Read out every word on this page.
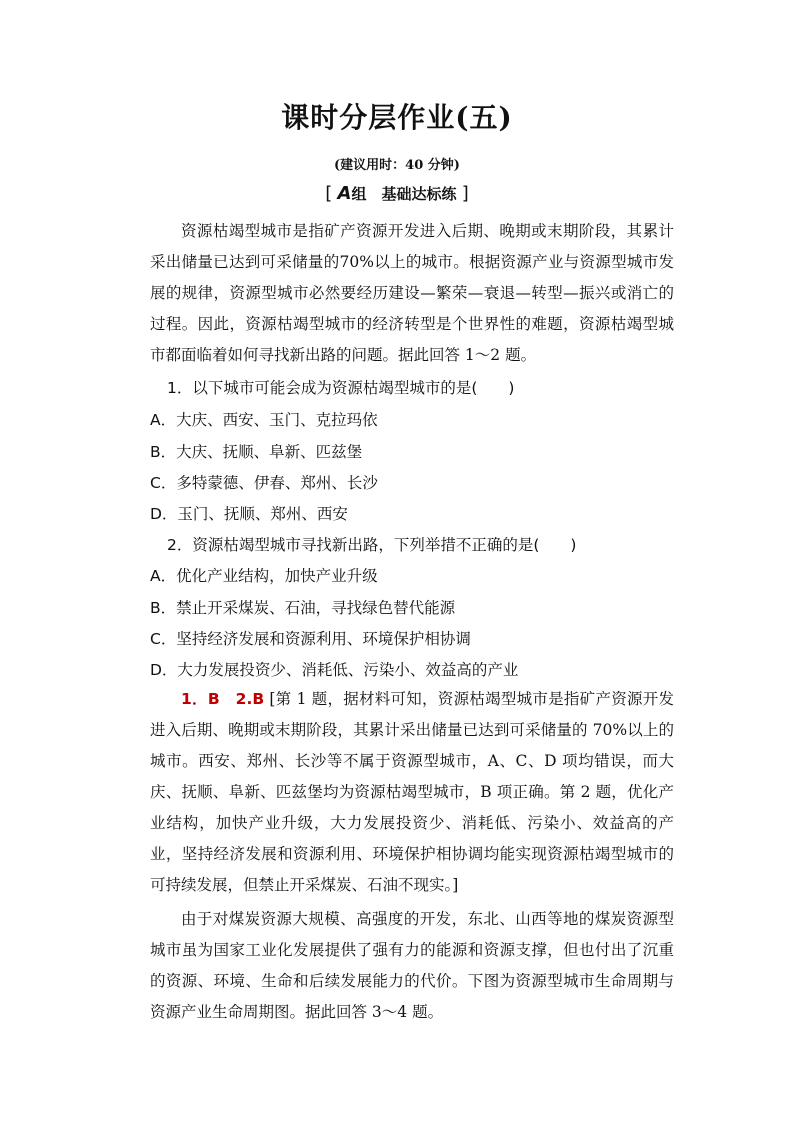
课时分层作业(五)
(建议用时：40 分钟)
[ A组　基础达标练 ]
资源枯竭型城市是指矿产资源开发进入后期、晚期或末期阶段，其累计采出储量已达到可采储量的70%以上的城市。根据资源产业与资源型城市发展的规律，资源型城市必然要经历建设—繁荣—衰退—转型—振兴或消亡的过程。因此，资源枯竭型城市的经济转型是个世界性的难题，资源枯竭型城市都面临着如何寻找新出路的问题。据此回答 1～2 题。
1．以下城市可能会成为资源枯竭型城市的是(　　)
A．大庆、西安、玉门、克拉玛依
B．大庆、抚顺、阜新、匹兹堡
C．多特蒙德、伊春、郑州、长沙
D．玉门、抚顺、郑州、西安
2．资源枯竭型城市寻找新出路，下列举措不正确的是(　　)
A．优化产业结构，加快产业升级
B．禁止开采煤炭、石油，寻找绿色替代能源
C．坚持经济发展和资源利用、环境保护相协调
D．大力发展投资少、消耗低、污染小、效益高的产业
1．B　2.B [第 1 题，据材料可知，资源枯竭型城市是指矿产资源开发进入后期、晚期或末期阶段，其累计采出储量已达到可采储量的 70%以上的城市。西安、郑州、长沙等不属于资源型城市，A、C、D 项均错误，而大庆、抚顺、阜新、匹兹堡均为资源枯竭型城市，B 项正确。第 2 题，优化产业结构，加快产业升级，大力发展投资少、消耗低、污染小、效益高的产业，坚持经济发展和资源利用、环境保护相协调均能实现资源枯竭型城市的可持续发展，但禁止开采煤炭、石油不现实。]
由于对煤炭资源大规模、高强度的开发，东北、山西等地的煤炭资源型城市虽为国家工业化发展提供了强有力的能源和资源支撑，但也付出了沉重的资源、环境、生命和后续发展能力的代价。下图为资源型城市生命周期与资源产业生命周期图。据此回答 3～4 题。
